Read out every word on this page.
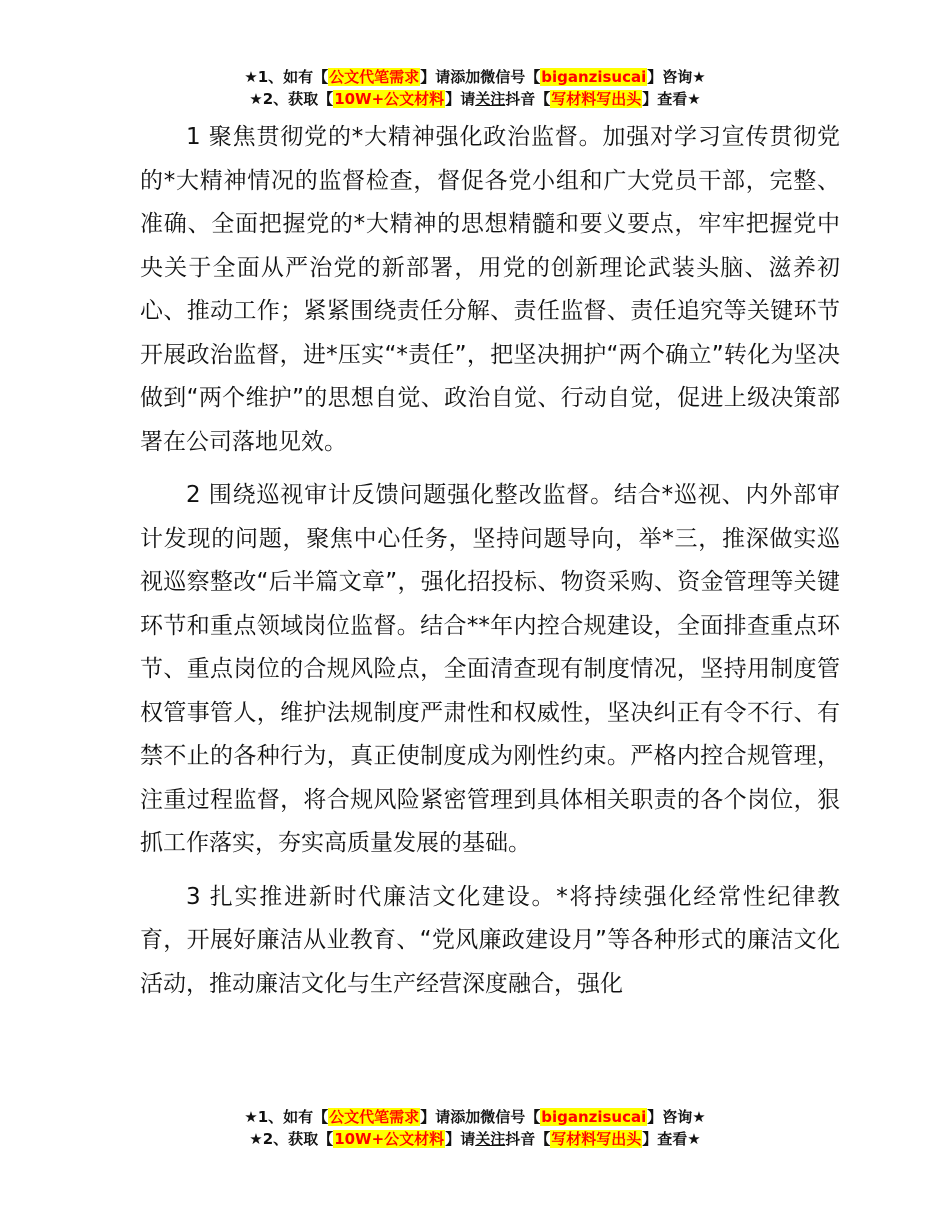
★1、如有【公文代笔需求】请添加微信号【biganzisucai】咨询★
★2、获取【10W+公文材料】请关注抖音【写材料写出头】查看★

1 聚焦贯彻党的*大精神强化政治监督。加强对学习宣传贯彻党的*大精神情况的监督检查，督促各党小组和广大党员干部，完整、准确、全面把握党的*大精神的思想精髓和要义要点，牢牢把握党中央关于全面从严治党的新部署，用党的创新理论武装头脑、滋养初心、推动工作；紧紧围绕责任分解、责任监督、责任追究等关键环节开展政治监督，进*压实“*责任”，把坚决拥护“两个确立”转化为坚决做到“两个维护”的思想自觉、政治自觉、行动自觉，促进上级决策部署在公司落地见效。

2 围绕巡视审计反馈问题强化整改监督。结合*巡视、内外部审计发现的问题，聚焦中心任务，坚持问题导向，举*三，推深做实巡视巡察整改“后半篇文章”，强化招投标、物资采购、资金管理等关键环节和重点领域岗位监督。结合**年内控合规建设，全面排查重点环节、重点岗位的合规风险点，全面清查现有制度情况，坚持用制度管权管事管人，维护法规制度严肃性和权威性，坚决纠正有令不行、有禁不止的各种行为，真正使制度成为刚性约束。严格内控合规管理，注重过程监督，将合规风险紧密管理到具体相关职责的各个岗位，狠抓工作落实，夯实高质量发展的基础。

3 扎实推进新时代廉洁文化建设。*将持续强化经常性纪律教育，开展好廉洁从业教育、“党风廉政建设月”等各种形式的廉洁文化活动，推动廉洁文化与生产经营深度融合，强化

★1、如有【公文代笔需求】请添加微信号【biganzisucai】咨询★
★2、获取【10W+公文材料】请关注抖音【写材料写出头】查看★
